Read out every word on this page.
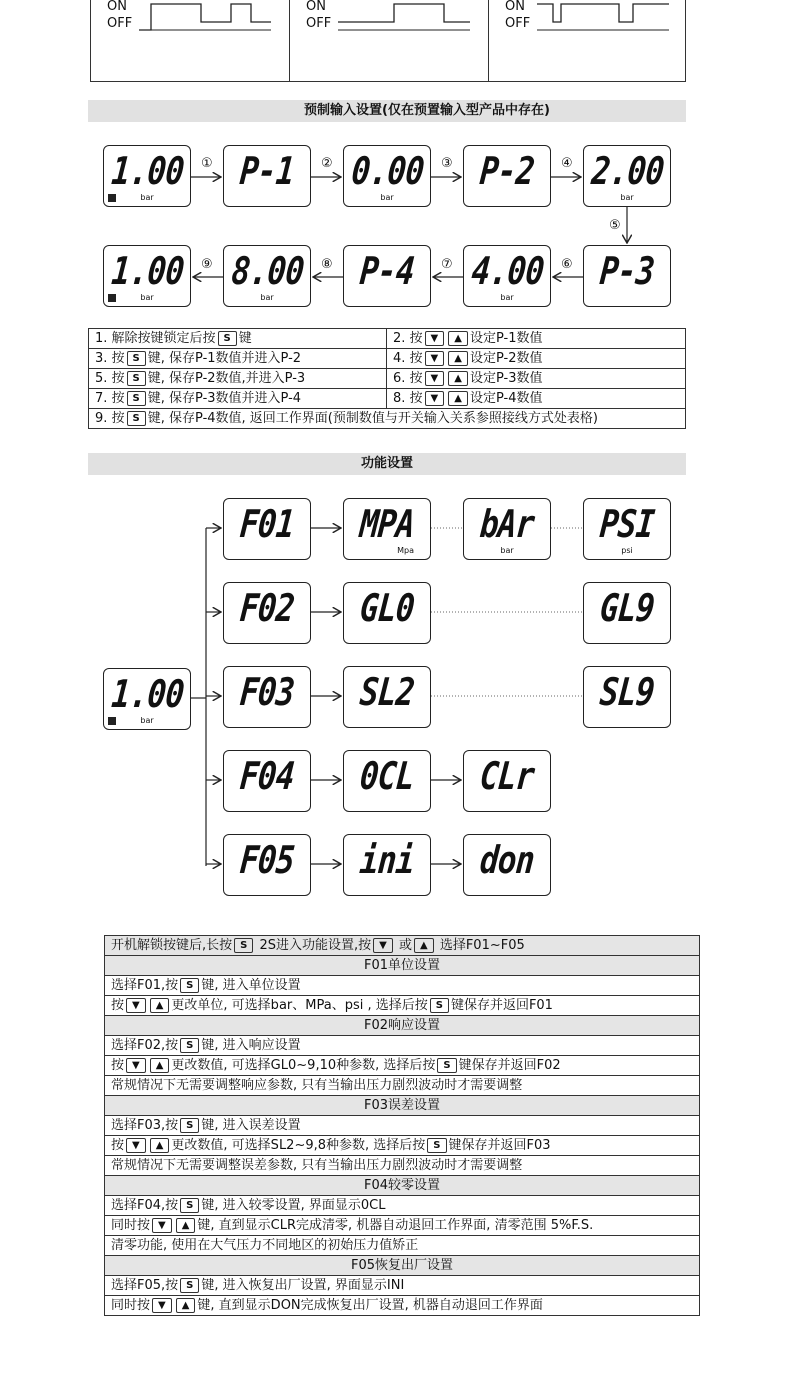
ON
OFF
ON
OFF
ON
OFF
预制输入设置(仅在预置输入型产品中存在)
1.00
bar
P-1 0.00
bar
P-2 2.00
bar
1.00
bar
8.00
bar
P-4 4.00
bar
P-3
①	②	③	④
⑤
⑥
⑦
⑧
⑨
1. 解除按键锁定后按 S 键	2. 按 ▼ ▲ 设定P-1数值
3. 按 S 键, 保存P-1数值并进入P-2	4. 按 ▼ ▲ 设定P-2数值
5. 按 S 键, 保存P-2数值,并进入P-3	6. 按 ▼ ▲ 设定P-3数值
7. 按 S 键, 保存P-3数值并进入P-4	8. 按 ▼ ▲ 设定P-4数值
9. 按 S 键, 保存P-4数值, 返回工作界面(预制数值与开关输入关系参照接线方式处表格)	
功能设置
1.00
bar
F01 MPA
Mpa
bAr
bar
PSI
psi
F02 GL0	GL9
F03 SL2	SL9
F04 0CL CLr
F05 ini don
开机解锁按键后,长按 S 2S进入功能设置,按 ▼ 或 ▲ 选择F01~F05
F01单位设置
选择F01,按 S 键, 进入单位设置
按 ▼ ▲ 更改单位, 可选择bar、MPa、psi , 选择后按 S 键保存并返回F01
F02响应设置
选择F02,按 S 键, 进入响应设置
按 ▼ ▲ 更改数值, 可选择GL0~9,10种参数, 选择后按 S 键保存并返回F02
常规情况下无需要调整响应参数, 只有当输出压力剧烈波动时才需要调整
F03误差设置
选择F03,按 S 键, 进入误差设置
按 ▼ ▲ 更改数值, 可选择SL2~9,8种参数, 选择后按 S 键保存并返回F03
常规情况下无需要调整误差参数, 只有当输出压力剧烈波动时才需要调整
F04较零设置
选择F04,按 S 键, 进入较零设置, 界面显示0CL
同时按 ▼ ▲ 键, 直到显示CLR完成清零, 机器自动退回工作界面, 清零范围 5%F.S.
清零功能, 使用在大气压力不同地区的初始压力值矫正
F05恢复出厂设置
选择F05,按 S 键, 进入恢复出厂设置, 界面显示INI
同时按 ▼ ▲ 键, 直到显示DON完成恢复出厂设置, 机器自动退回工作界面
